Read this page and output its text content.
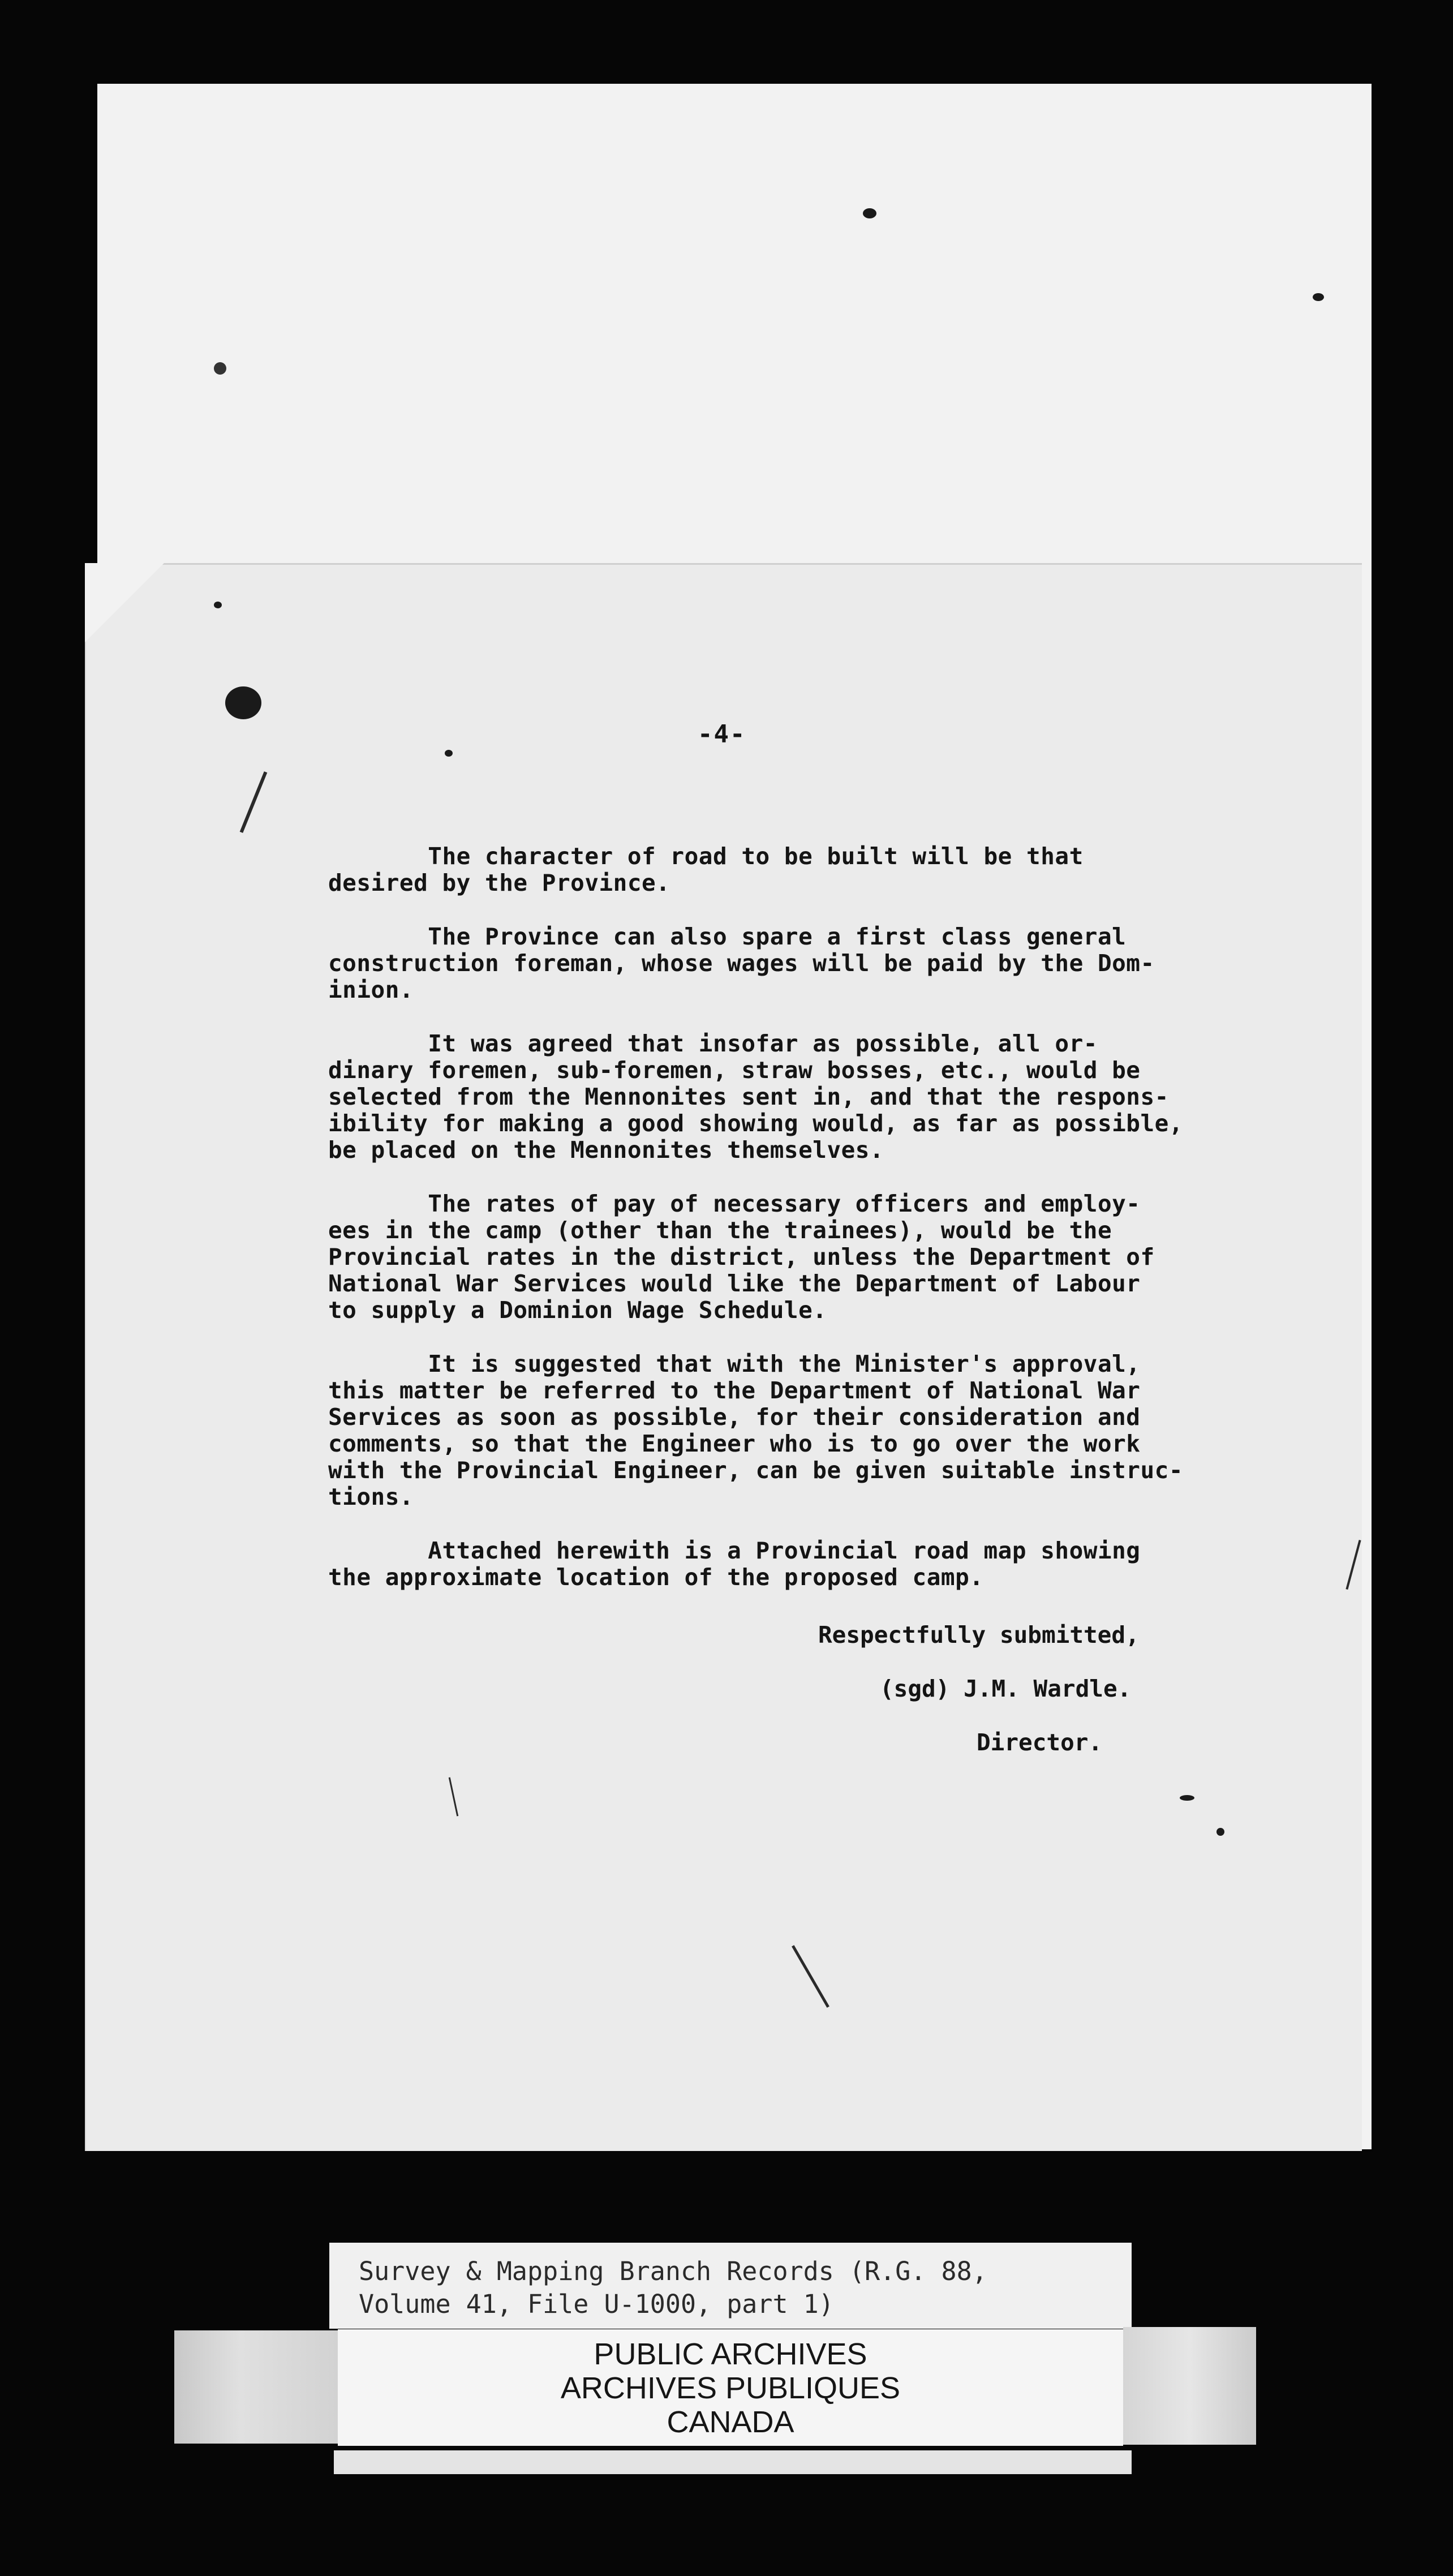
-4-

The character of road to be built will be that
desired by the Province.

The Province can also spare a first class general
construction foreman, whose wages will be paid by the Dom-
inion.

It was agreed that insofar as possible, all or-
dinary foremen, sub-foremen, straw bosses, etc., would be
selected from the Mennonites sent in, and that the respons-
ibility for making a good showing would, as far as possible,
be placed on the Mennonites themselves.

The rates of pay of necessary officers and employ-
ees in the camp (other than the trainees), would be the
Provincial rates in the district, unless the Department of
National War Services would like the Department of Labour
to supply a Dominion Wage Schedule.

It is suggested that with the Minister's approval,
this matter be referred to the Department of National War
Services as soon as possible, for their consideration and
comments, so that the Engineer who is to go over the work
with the Provincial Engineer, can be given suitable instruc-
tions.

Attached herewith is a Provincial road map showing
the approximate location of the proposed camp.

Respectfully submitted,
(sgd) J.M. Wardle.
Director.
Survey & Mapping Branch Records (R.G. 88,
Volume 41, File U-1000, part 1)
PUBLIC ARCHIVES
ARCHIVES PUBLIQUES
CANADA
